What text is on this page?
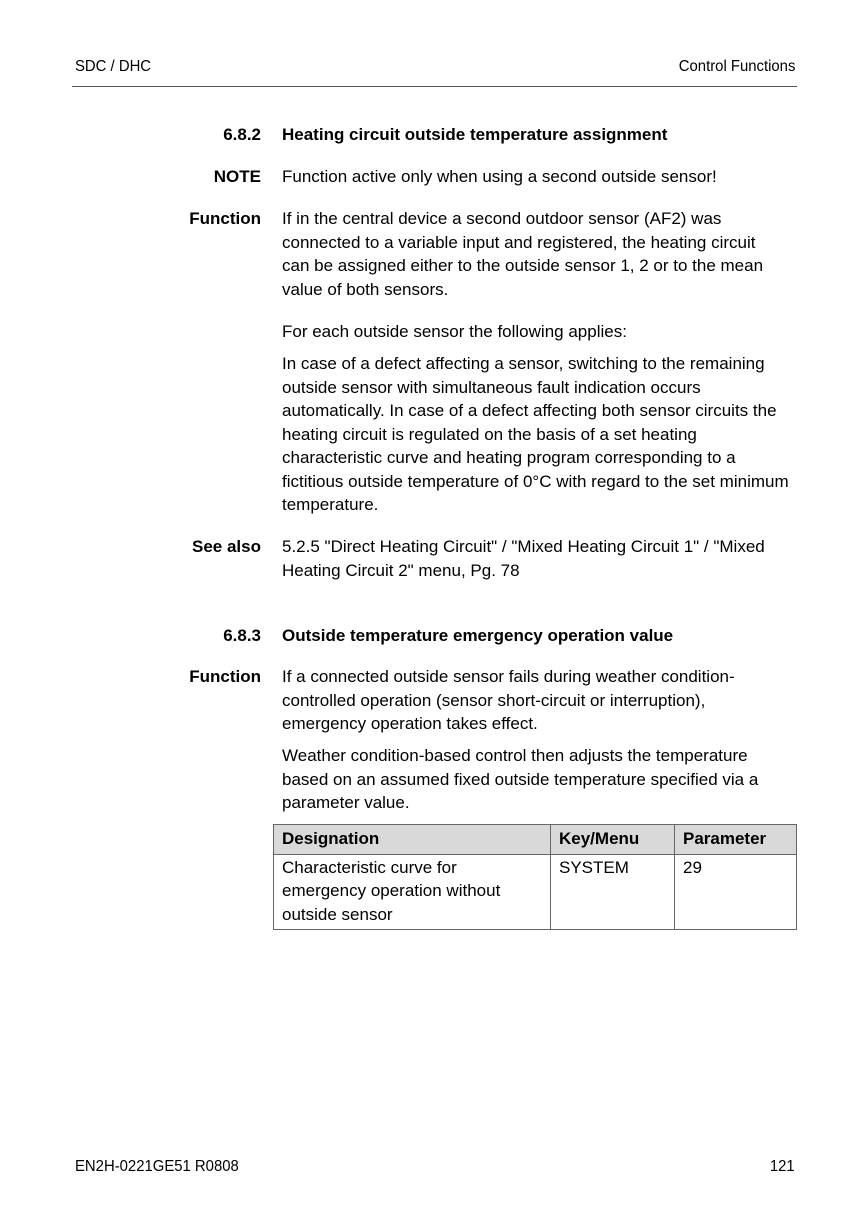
SDC / DHC	Control Functions
6.8.2 Heating circuit outside temperature assignment
NOTE Function active only when using a second outside sensor!
Function If in the central device a second outdoor sensor (AF2) was connected to a variable input and registered, the heating circuit can be assigned either to the outside sensor 1, 2 or to the mean value of both sensors.

For each outside sensor the following applies:

In case of a defect affecting a sensor, switching to the remaining outside sensor with simultaneous fault indication occurs automatically. In case of a defect affecting both sensor circuits the heating circuit is regulated on the basis of a set heating characteristic curve and heating program corresponding to a fictitious outside temperature of 0°C with regard to the set minimum temperature.

See also 5.2.5 "Direct Heating Circuit" / "Mixed Heating Circuit 1" / "Mixed Heating Circuit 2" menu, Pg. 78

6.8.3 Outside temperature emergency operation value
Function If a connected outside sensor fails during weather condition-controlled operation (sensor short-circuit or interruption), emergency operation takes effect.

Weather condition-based control then adjusts the temperature based on an assumed fixed outside temperature specified via a parameter value.

Designation	Key/Menu	Parameter
Characteristic curve for emergency operation without outside sensor	SYSTEM	29
EN2H-0221GE51 R0808	121
